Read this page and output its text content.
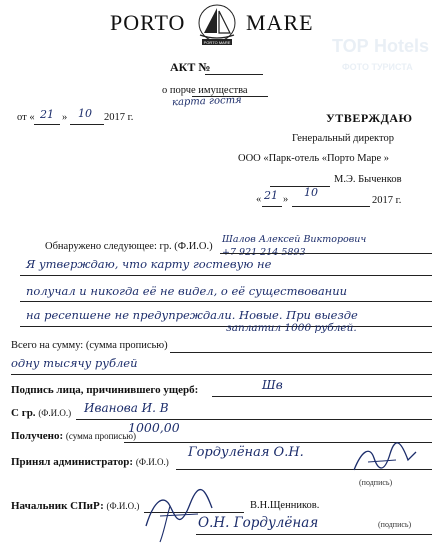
PORTO
PORTO MARE
MARE
TOP Hotels
ФОТО ТУРИСТА
АКТ №
о порче имущества
карта гостя
от « 21 » 10 2017 г.	УТВЕРЖДАЮ
Генеральный директор
ООО «Парк-отель «Порто Маре »
М.Э. Быченков
« 21 »
10
2017 г.
Обнаружено следующее: гр. (Ф.И.О.)
Шалов Алексей Викторович
+7 921 214 5893
Я утверждаю, что карту гостевую не
получал и никогда её не видел, о её существовании
на ресепшене не предупреждали. Новые. При выезде
заплатил 1000 рублей.
Всего на сумму: (сумма прописью)
одну тысячу рублей
Подпись лица, причинившего ущерб:	Шв
С гр. (Ф.И.О.) Иванова И. В
Получено: (сумма прописью)
1000,00
Принял администратор: (Ф.И.О.)
Гордулёная О.Н.
(подпись)
Начальник СПиР: (Ф.И.О.)	В.Н.Щенников.
О.Н. Гордулёная	(подпись)
